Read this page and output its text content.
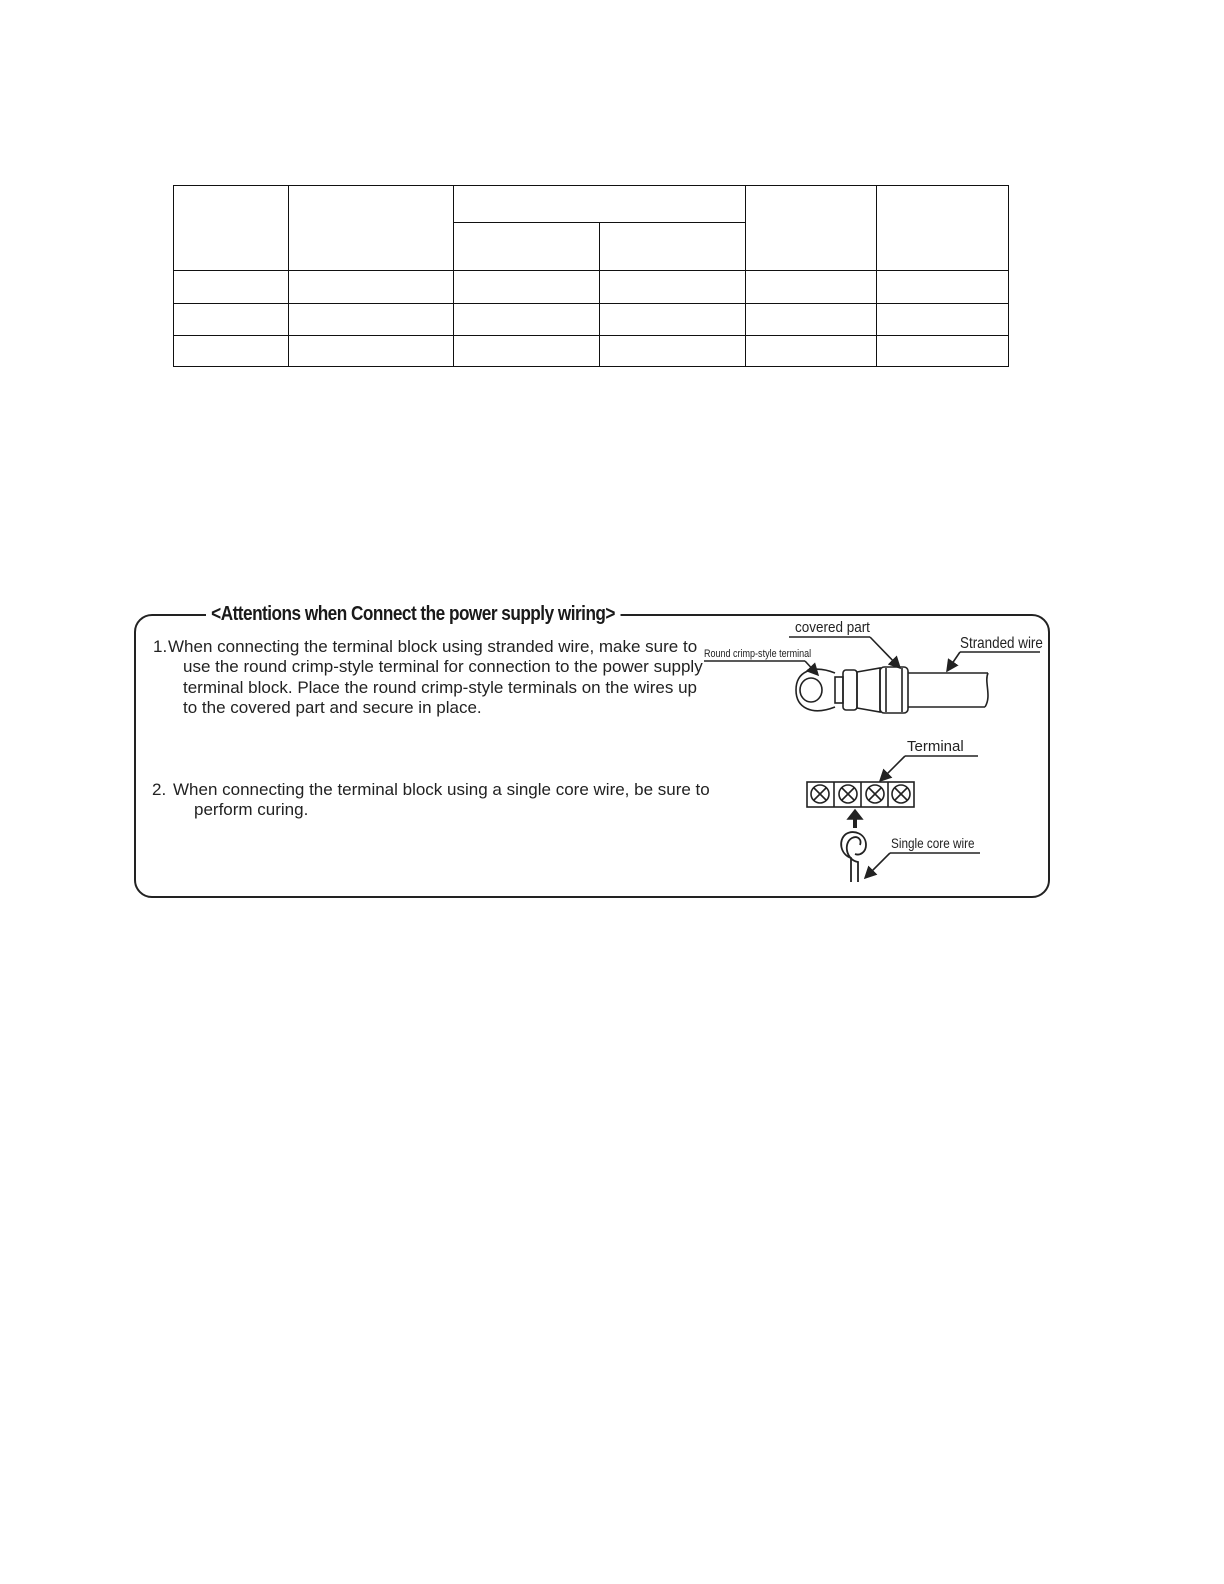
<Attentions when Connect the power supply wiring>
1. When connecting the terminal block using stranded wire, make sure to use the round crimp-style terminal for connection to the power supply terminal block. Place the round crimp-style terminals on the wires up to the covered part and secure in place.
2. When connecting the terminal block using a single core wire, be sure to perform curing.
covered part
Round crimp-style terminal
Stranded wire
Terminal
Single core wire
